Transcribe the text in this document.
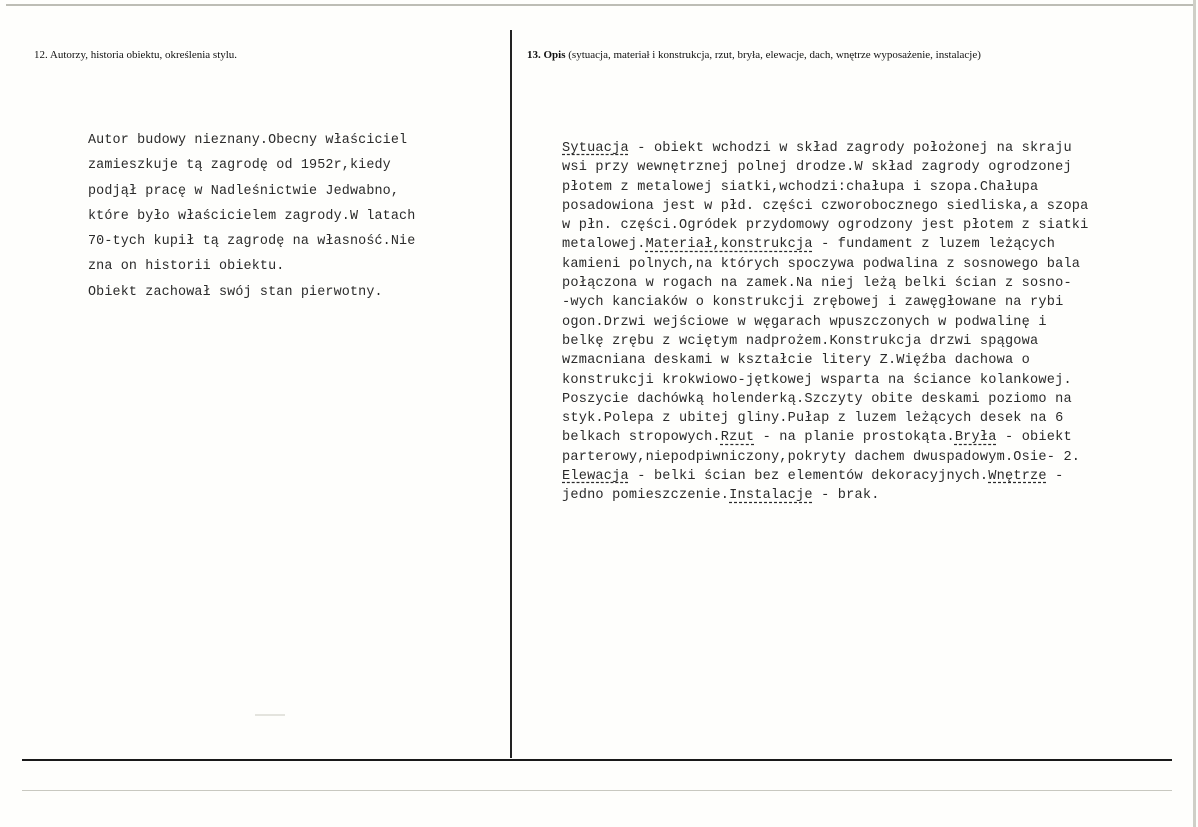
12. Autorzy, historia obiektu, określenia stylu.	13. Opis (sytuacja, materiał i konstrukcja, rzut, bryła, elewacje, dach, wnętrze wyposażenie, instalacje)
Autor budowy nieznany.Obecny właściciel
zamieszkuje tą zagrodę od 1952r,kiedy
podjął pracę w Nadleśnictwie Jedwabno,
które było właścicielem zagrody.W latach
70-tych kupił tą zagrodę na własność.Nie
zna on historii obiektu.
Obiekt zachował swój stan pierwotny.
Sytuacja - obiekt wchodzi w skład zagrody położonej na skraju
wsi przy wewnętrznej polnej drodze.W skład zagrody ogrodzonej
płotem z metalowej siatki,wchodzi:chałupa i szopa.Chałupa
posadowiona jest w płd. części czworobocznego siedliska,a szopa
w płn. części.Ogródek przydomowy ogrodzony jest płotem z siatki
metalowej.Materiał,konstrukcja - fundament z luzem leżących
kamieni polnych,na których spoczywa podwalina z sosnowego bala
połączona w rogach na zamek.Na niej leżą belki ścian z sosno-
-wych kanciaków o konstrukcji zrębowej i zawęgłowane na rybi
ogon.Drzwi wejściowe w węgarach wpuszczonych w podwalinę i
belkę zrębu z wciętym nadprożem.Konstrukcja drzwi spągowa
wzmacniana deskami w kształcie litery Z.Więźba dachowa o
konstrukcji krokwiowo-jętkowej wsparta na ściance kolankowej.
Poszycie dachówką holenderką.Szczyty obite deskami poziomo na
styk.Polepa z ubitej gliny.Pułap z luzem leżących desek na 6
belkach stropowych.Rzut - na planie prostokąta.Bryła - obiekt
parterowy,niepodpiwniczony,pokryty dachem dwuspadowym.Osie- 2.
Elewacja - belki ścian bez elementów dekoracyjnych.Wnętrze -
jedno pomieszczenie.Instalacje - brak.
